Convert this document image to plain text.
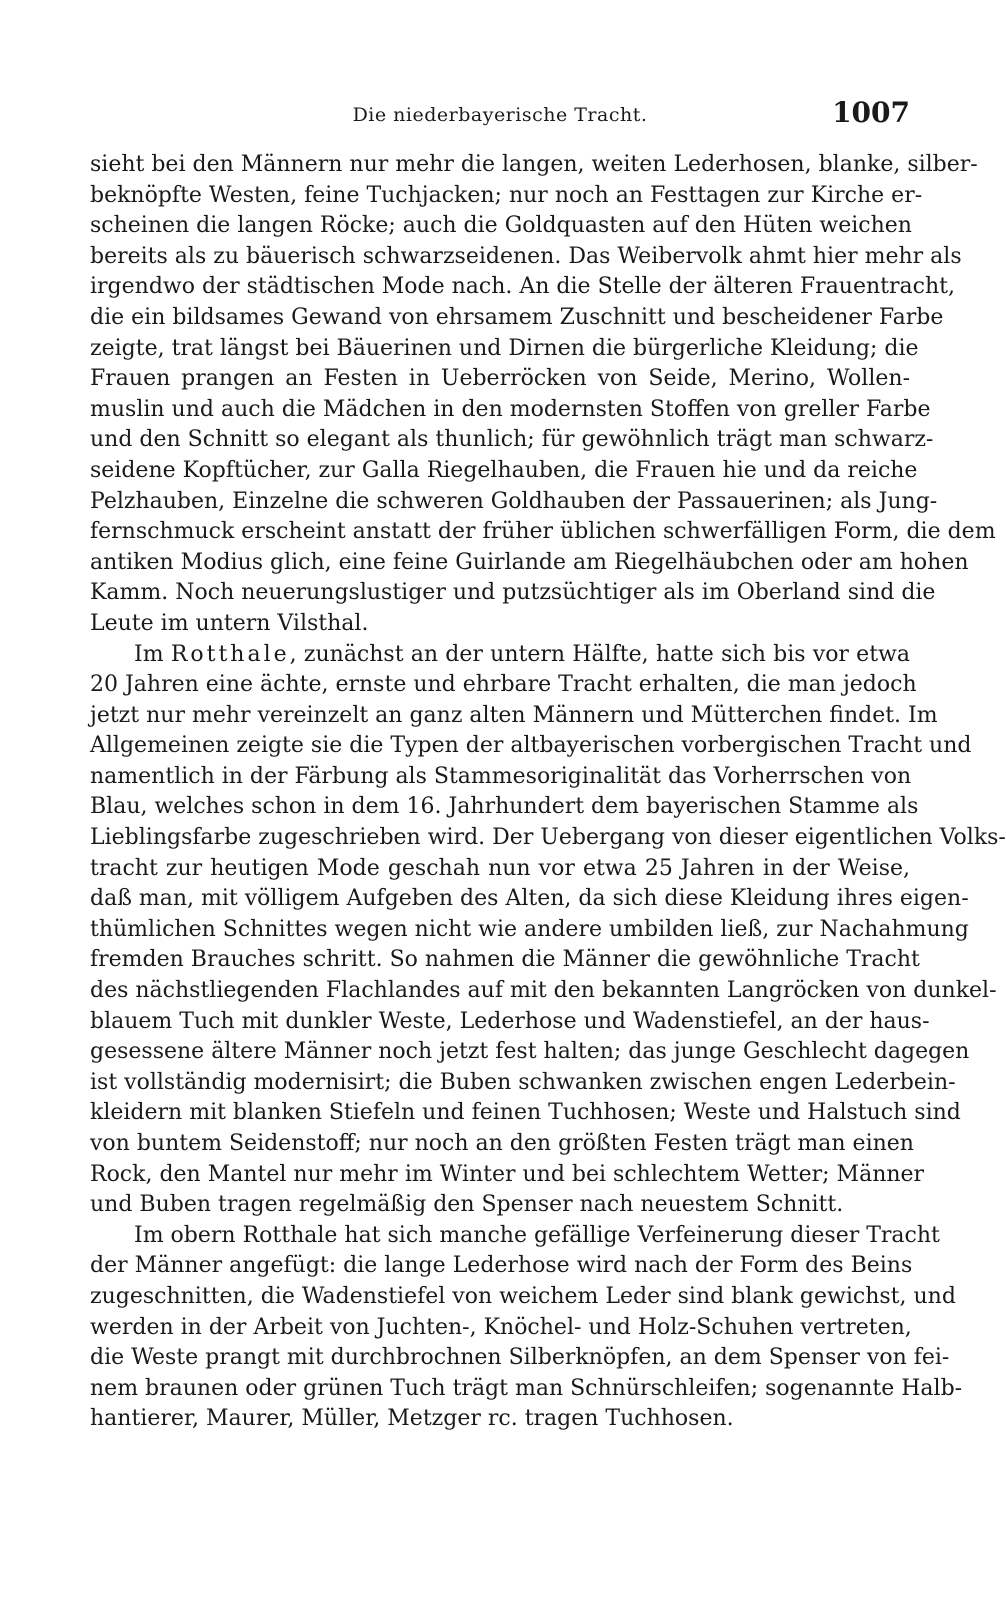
Die niederbayerische Tracht.	1007

sieht bei den Männern nur mehr die langen, weiten Lederhosen, blanke, silber-
beknöpfte Westen, feine Tuchjacken; nur noch an Festtagen zur Kirche er-
scheinen die langen Röcke; auch die Goldquasten auf den Hüten weichen
bereits als zu bäuerisch schwarzseidenen. Das Weibervolk ahmt hier mehr als
irgendwo der städtischen Mode nach. An die Stelle der älteren Frauentracht,
die ein bildsames Gewand von ehrsamem Zuschnitt und bescheidener Farbe
zeigte, trat längst bei Bäuerinen und Dirnen die bürgerliche Kleidung; die
Frauen prangen an Festen in Ueberröcken von Seide, Merino, Wollen-
muslin und auch die Mädchen in den modernsten Stoffen von greller Farbe
und den Schnitt so elegant als thunlich; für gewöhnlich trägt man schwarz-
seidene Kopftücher, zur Galla Riegelhauben, die Frauen hie und da reiche
Pelzhauben, Einzelne die schweren Goldhauben der Passauerinen; als Jung-
fernschmuck erscheint anstatt der früher üblichen schwerfälligen Form, die dem
antiken Modius glich, eine feine Guirlande am Riegelhäubchen oder am hohen
Kamm. Noch neuerungslustiger und putzsüchtiger als im Oberland sind die
Leute im untern Vilsthal.

Im Rotthale, zunächst an der untern Hälfte, hatte sich bis vor etwa
20 Jahren eine ächte, ernste und ehrbare Tracht erhalten, die man jedoch
jetzt nur mehr vereinzelt an ganz alten Männern und Mütterchen findet. Im
Allgemeinen zeigte sie die Typen der altbayerischen vorbergischen Tracht und
namentlich in der Färbung als Stammesoriginalität das Vorherrschen von
Blau, welches schon in dem 16. Jahrhundert dem bayerischen Stamme als
Lieblingsfarbe zugeschrieben wird. Der Uebergang von dieser eigentlichen Volks-
tracht zur heutigen Mode geschah nun vor etwa 25 Jahren in der Weise,
daß man, mit völligem Aufgeben des Alten, da sich diese Kleidung ihres eigen-
thümlichen Schnittes wegen nicht wie andere umbilden ließ, zur Nachahmung
fremden Brauches schritt. So nahmen die Männer die gewöhnliche Tracht
des nächstliegenden Flachlandes auf mit den bekannten Langröcken von dunkel-
blauem Tuch mit dunkler Weste, Lederhose und Wadenstiefel, an der haus-
gesessene ältere Männer noch jetzt fest halten; das junge Geschlecht dagegen
ist vollständig modernisirt; die Buben schwanken zwischen engen Lederbein-
kleidern mit blanken Stiefeln und feinen Tuchhosen; Weste und Halstuch sind
von buntem Seidenstoff; nur noch an den größten Festen trägt man einen
Rock, den Mantel nur mehr im Winter und bei schlechtem Wetter; Männer
und Buben tragen regelmäßig den Spenser nach neuestem Schnitt.

Im obern Rotthale hat sich manche gefällige Verfeinerung dieser Tracht
der Männer angefügt: die lange Lederhose wird nach der Form des Beins
zugeschnitten, die Wadenstiefel von weichem Leder sind blank gewichst, und
werden in der Arbeit von Juchten-, Knöchel- und Holz-Schuhen vertreten,
die Weste prangt mit durchbrochnen Silberknöpfen, an dem Spenser von fei-
nem braunen oder grünen Tuch trägt man Schnürschleifen; sogenannte Halb-
hantierer, Maurer, Müller, Metzger rc. tragen Tuchhosen.
